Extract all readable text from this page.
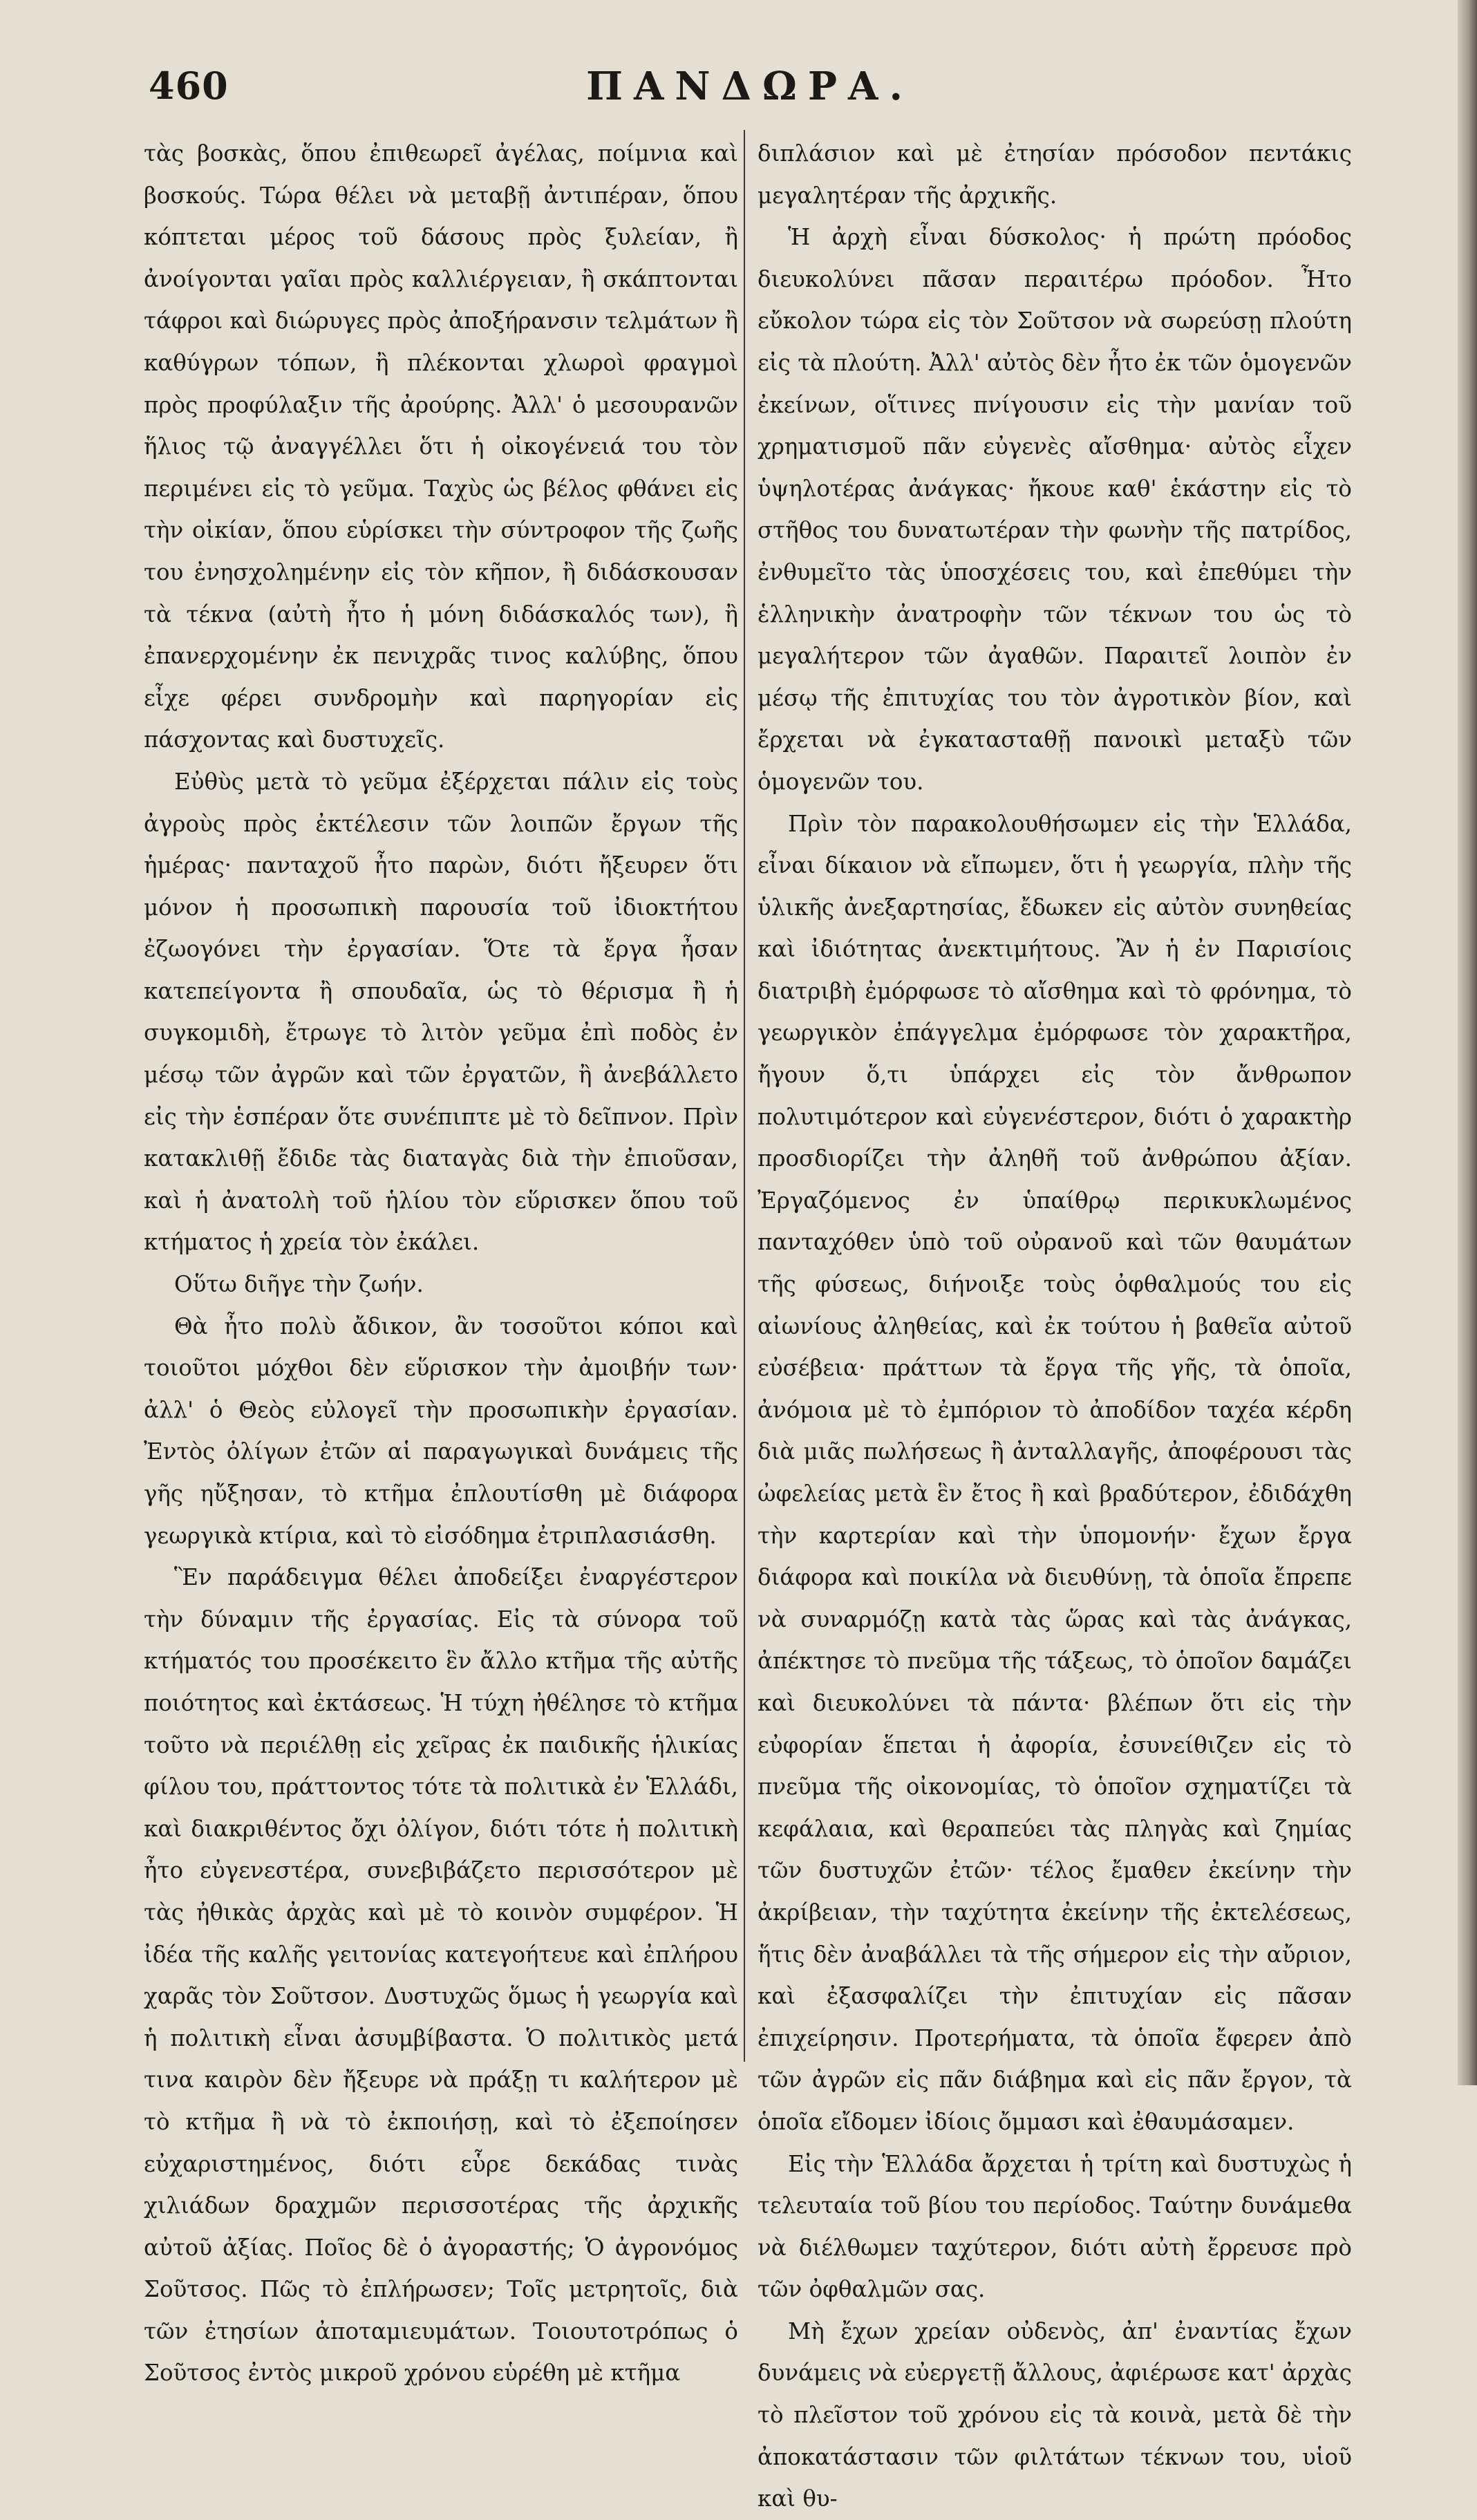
460	ΠΑΝΔΩΡΑ.

τὰς βοσκὰς, ὅπου ἐπιθεωρεῖ ἀγέλας, ποίμνια καὶ βοσκούς. Τώρα θέλει νὰ μεταβῇ ἀντιπέραν, ὅπου κόπτεται μέρος τοῦ δάσους πρὸς ξυλείαν, ἢ ἀνοίγονται γαῖαι πρὸς καλλιέργειαν, ἢ σκάπτονται τάφροι καὶ διώρυγες πρὸς ἀποξήρανσιν τελμάτων ἢ καθύγρων τόπων, ἢ πλέκονται χλωροὶ φραγμοὶ πρὸς προφύλαξιν τῆς ἀρούρης. Ἀλλ' ὁ μεσουρανῶν ἥλιος τῷ ἀναγγέλλει ὅτι ἡ οἰκογένειά του τὸν περιμένει εἰς τὸ γεῦμα. Ταχὺς ὡς βέλος φθάνει εἰς τὴν οἰκίαν, ὅπου εὑρίσκει τὴν σύντροφον τῆς ζωῆς του ἐνησχολημένην εἰς τὸν κῆπον, ἢ διδάσκουσαν τὰ τέκνα (αὐτὴ ἦτο ἡ μόνη διδάσκαλός των), ἢ ἐπανερχομένην ἐκ πενιχρᾶς τινος καλύβης, ὅπου εἶχε φέρει συνδρομὴν καὶ παρηγορίαν εἰς πάσχοντας καὶ δυστυχεῖς.

Εὐθὺς μετὰ τὸ γεῦμα ἐξέρχεται πάλιν εἰς τοὺς ἀγροὺς πρὸς ἐκτέλεσιν τῶν λοιπῶν ἔργων τῆς ἡμέρας· πανταχοῦ ἦτο παρὼν, διότι ἤξευρεν ὅτι μόνον ἡ προσωπικὴ παρουσία τοῦ ἰδιοκτήτου ἐζωογόνει τὴν ἐργασίαν. Ὅτε τὰ ἔργα ἦσαν κατεπείγοντα ἢ σπουδαῖα, ὡς τὸ θέρισμα ἢ ἡ συγκομιδὴ, ἔτρωγε τὸ λιτὸν γεῦμα ἐπὶ ποδὸς ἐν μέσῳ τῶν ἀγρῶν καὶ τῶν ἐργατῶν, ἢ ἀνεβάλλετο εἰς τὴν ἑσπέραν ὅτε συνέπιπτε μὲ τὸ δεῖπνον. Πρὶν κατακλιθῇ ἔδιδε τὰς διαταγὰς διὰ τὴν ἐπιοῦσαν, καὶ ἡ ἀνατολὴ τοῦ ἡλίου τὸν εὕρισκεν ὅπου τοῦ κτήματος ἡ χρεία τὸν ἐκάλει.

Οὕτω διῆγε τὴν ζωήν.

Θὰ ἦτο πολὺ ἄδικον, ἂν τοσοῦτοι κόποι καὶ τοιοῦτοι μόχθοι δὲν εὕρισκον τὴν ἀμοιβήν των· ἀλλ' ὁ Θεὸς εὐλογεῖ τὴν προσωπικὴν ἐργασίαν. Ἐντὸς ὀλίγων ἐτῶν αἱ παραγωγικαὶ δυνάμεις τῆς γῆς ηὔξησαν, τὸ κτῆμα ἐπλουτίσθη μὲ διάφορα γεωργικὰ κτίρια, καὶ τὸ εἰσόδημα ἐτριπλασιάσθη.

Ἓν παράδειγμα θέλει ἀποδείξει ἐναργέστερον τὴν δύναμιν τῆς ἐργασίας. Εἰς τὰ σύνορα τοῦ κτήματός του προσέκειτο ἓν ἄλλο κτῆμα τῆς αὐτῆς ποιότητος καὶ ἐκτάσεως. Ἡ τύχη ἠθέλησε τὸ κτῆμα τοῦτο νὰ περιέλθῃ εἰς χεῖρας ἐκ παιδικῆς ἡλικίας φίλου του, πράττοντος τότε τὰ πολιτικὰ ἐν Ἑλλάδι, καὶ διακριθέντος ὄχι ὀλίγον, διότι τότε ἡ πολιτικὴ ἦτο εὐγενεστέρα, συνεβιβάζετο περισσότερον μὲ τὰς ἠθικὰς ἀρχὰς καὶ μὲ τὸ κοινὸν συμφέρον. Ἡ ἰδέα τῆς καλῆς γειτονίας κατεγοήτευε καὶ ἐπλήρου χαρᾶς τὸν Σοῦτσον. Δυστυχῶς ὅμως ἡ γεωργία καὶ ἡ πολιτικὴ εἶναι ἀσυμβίβαστα. Ὁ πολιτικὸς μετά τινα καιρὸν δὲν ἤξευρε νὰ πράξῃ τι καλήτερον μὲ τὸ κτῆμα ἢ νὰ τὸ ἐκποιήσῃ, καὶ τὸ ἐξεποίησεν εὐχαριστημένος, διότι εὗρε δεκάδας τινὰς χιλιάδων δραχμῶν περισσοτέρας τῆς ἀρχικῆς αὐτοῦ ἀξίας. Ποῖος δὲ ὁ ἀγοραστής; Ὁ ἀγρονόμος Σοῦτσος. Πῶς τὸ ἐπλήρωσεν; Τοῖς μετρητοῖς, διὰ τῶν ἐτησίων ἀποταμιευμάτων. Τοιουτοτρόπως ὁ Σοῦτσος ἐντὸς μικροῦ χρόνου εὑρέθη μὲ κτῆμα

διπλάσιον καὶ μὲ ἐτησίαν πρόσοδον πεντάκις μεγαλητέραν τῆς ἀρχικῆς.

Ἡ ἀρχὴ εἶναι δύσκολος· ἡ πρώτη πρόοδος διευκολύνει πᾶσαν περαιτέρω πρόοδον. Ἦτο εὔκολον τώρα εἰς τὸν Σοῦτσον νὰ σωρεύσῃ πλούτη εἰς τὰ πλούτη. Ἀλλ' αὐτὸς δὲν ἦτο ἐκ τῶν ὁμογενῶν ἐκείνων, οἵτινες πνίγουσιν εἰς τὴν μανίαν τοῦ χρηματισμοῦ πᾶν εὐγενὲς αἴσθημα· αὐτὸς εἶχεν ὑψηλοτέρας ἀνάγκας· ἤκουε καθ' ἑκάστην εἰς τὸ στῆθος του δυνατωτέραν τὴν φωνὴν τῆς πατρίδος, ἐνθυμεῖτο τὰς ὑποσχέσεις του, καὶ ἐπεθύμει τὴν ἑλληνικὴν ἀνατροφὴν τῶν τέκνων του ὡς τὸ μεγαλήτερον τῶν ἀγαθῶν. Παραιτεῖ λοιπὸν ἐν μέσῳ τῆς ἐπιτυχίας του τὸν ἀγροτικὸν βίον, καὶ ἔρχεται νὰ ἐγκατασταθῇ πανοικὶ μεταξὺ τῶν ὁμογενῶν του.

Πρὶν τὸν παρακολουθήσωμεν εἰς τὴν Ἑλλάδα, εἶναι δίκαιον νὰ εἴπωμεν, ὅτι ἡ γεωργία, πλὴν τῆς ὑλικῆς ἀνεξαρτησίας, ἔδωκεν εἰς αὐτὸν συνηθείας καὶ ἰδιότητας ἀνεκτιμήτους. Ἂν ἡ ἐν Παρισίοις διατριβὴ ἐμόρφωσε τὸ αἴσθημα καὶ τὸ φρόνημα, τὸ γεωργικὸν ἐπάγγελμα ἐμόρφωσε τὸν χαρακτῆρα, ἤγουν ὅ,τι ὑπάρχει εἰς τὸν ἄνθρωπον πολυτιμότερον καὶ εὐγενέστερον, διότι ὁ χαρακτὴρ προσδιορίζει τὴν ἀληθῆ τοῦ ἀνθρώπου ἀξίαν. Ἐργαζόμενος ἐν ὑπαίθρῳ περικυκλωμένος πανταχόθεν ὑπὸ τοῦ οὐρανοῦ καὶ τῶν θαυμάτων τῆς φύσεως, διήνοιξε τοὺς ὀφθαλμούς του εἰς αἰωνίους ἀληθείας, καὶ ἐκ τούτου ἡ βαθεῖα αὐτοῦ εὐσέβεια· πράττων τὰ ἔργα τῆς γῆς, τὰ ὁποῖα, ἀνόμοια μὲ τὸ ἐμπόριον τὸ ἀποδίδον ταχέα κέρδη διὰ μιᾶς πωλήσεως ἢ ἀνταλλαγῆς, ἀποφέρουσι τὰς ὠφελείας μετὰ ἓν ἔτος ἢ καὶ βραδύτερον, ἐδιδάχθη τὴν καρτερίαν καὶ τὴν ὑπομονήν· ἔχων ἔργα διάφορα καὶ ποικίλα νὰ διευθύνῃ, τὰ ὁποῖα ἔπρεπε νὰ συναρμόζῃ κατὰ τὰς ὥρας καὶ τὰς ἀνάγκας, ἀπέκτησε τὸ πνεῦμα τῆς τάξεως, τὸ ὁποῖον δαμάζει καὶ διευκολύνει τὰ πάντα· βλέπων ὅτι εἰς τὴν εὐφορίαν ἕπεται ἡ ἀφορία, ἐσυνείθιζεν εἰς τὸ πνεῦμα τῆς οἰκονομίας, τὸ ὁποῖον σχηματίζει τὰ κεφάλαια, καὶ θεραπεύει τὰς πληγὰς καὶ ζημίας τῶν δυστυχῶν ἐτῶν· τέλος ἔμαθεν ἐκείνην τὴν ἀκρίβειαν, τὴν ταχύτητα ἐκείνην τῆς ἐκτελέσεως, ἥτις δὲν ἀναβάλλει τὰ τῆς σήμερον εἰς τὴν αὔριον, καὶ ἐξασφαλίζει τὴν ἐπιτυχίαν εἰς πᾶσαν ἐπιχείρησιν. Προτερήματα, τὰ ὁποῖα ἔφερεν ἀπὸ τῶν ἀγρῶν εἰς πᾶν διάβημα καὶ εἰς πᾶν ἔργον, τὰ ὁποῖα εἴδομεν ἰδίοις ὄμμασι καὶ ἐθαυμάσαμεν.

Εἰς τὴν Ἑλλάδα ἄρχεται ἡ τρίτη καὶ δυστυχὼς ἡ τελευταία τοῦ βίου του περίοδος. Ταύτην δυνάμεθα νὰ διέλθωμεν ταχύτερον, διότι αὐτὴ ἔρρευσε πρὸ τῶν ὀφθαλμῶν σας.

Μὴ ἔχων χρείαν οὐδενὸς, ἀπ' ἐναντίας ἔχων δυνάμεις νὰ εὐεργετῇ ἄλλους, ἀφιέρωσε κατ' ἀρχὰς τὸ πλεῖστον τοῦ χρόνου εἰς τὰ κοινὰ, μετὰ δὲ τὴν ἀποκατάστασιν τῶν φιλτάτων τέκνων του, υἱοῦ καὶ θυ-
